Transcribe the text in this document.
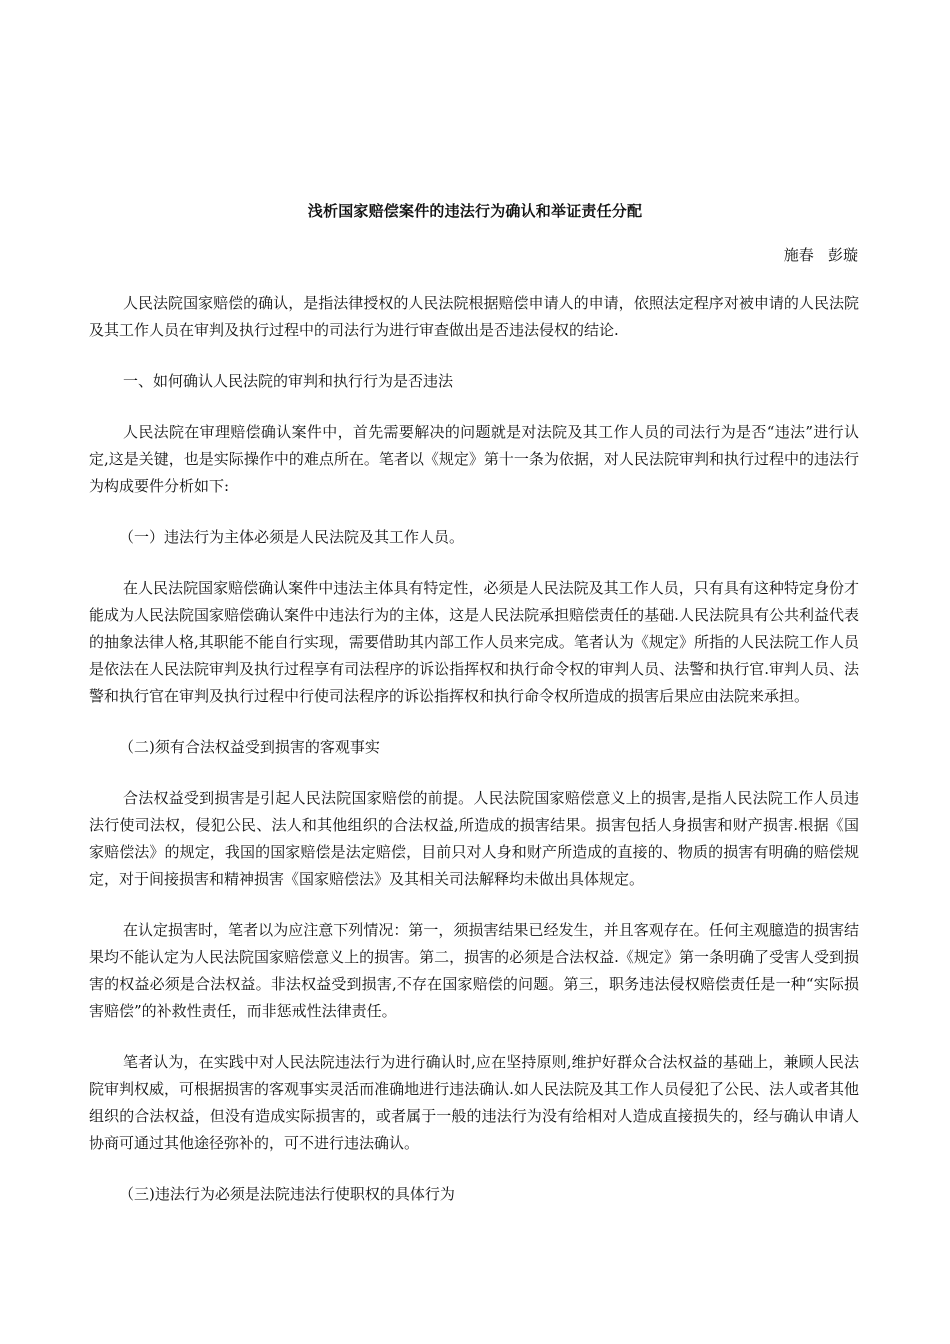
浅析国家赔偿案件的违法行为确认和举证责任分配
施春   彭璇

人民法院国家赔偿的确认，是指法律授权的人民法院根据赔偿申请人的申请，依照法定程序对被申请的人民法院及其工作人员在审判及执行过程中的司法行为进行审查做出是否违法侵权的结论.

一、如何确认人民法院的审判和执行行为是否违法

人民法院在审理赔偿确认案件中，首先需要解决的问题就是对法院及其工作人员的司法行为是否“违法”进行认定,这是关键，也是实际操作中的难点所在。笔者以《规定》第十一条为依据，对人民法院审判和执行过程中的违法行为构成要件分析如下:

（一）违法行为主体必须是人民法院及其工作人员。

在人民法院国家赔偿确认案件中违法主体具有特定性，必须是人民法院及其工作人员，只有具有这种特定身份才能成为人民法院国家赔偿确认案件中违法行为的主体，这是人民法院承担赔偿责任的基础.人民法院具有公共利益代表的抽象法律人格,其职能不能自行实现，需要借助其内部工作人员来完成。笔者认为《规定》所指的人民法院工作人员是依法在人民法院审判及执行过程享有司法程序的诉讼指挥权和执行命令权的审判人员、法警和执行官.审判人员、法警和执行官在审判及执行过程中行使司法程序的诉讼指挥权和执行命令权所造成的损害后果应由法院来承担。

（二)须有合法权益受到损害的客观事实

合法权益受到损害是引起人民法院国家赔偿的前提。人民法院国家赔偿意义上的损害,是指人民法院工作人员违法行使司法权，侵犯公民、法人和其他组织的合法权益,所造成的损害结果。损害包括人身损害和财产损害.根据《国家赔偿法》的规定，我国的国家赔偿是法定赔偿，目前只对人身和财产所造成的直接的、物质的损害有明确的赔偿规定，对于间接损害和精神损害《国家赔偿法》及其相关司法解释均未做出具体规定。

在认定损害时，笔者以为应注意下列情况：第一，须损害结果已经发生，并且客观存在。任何主观臆造的损害结果均不能认定为人民法院国家赔偿意义上的损害。第二，损害的必须是合法权益.《规定》第一条明确了受害人受到损害的权益必须是合法权益。非法权益受到损害,不存在国家赔偿的问题。第三，职务违法侵权赔偿责任是一种“实际损害赔偿”的补救性责任，而非惩戒性法律责任。

笔者认为，在实践中对人民法院违法行为进行确认时,应在坚持原则,维护好群众合法权益的基础上，兼顾人民法院审判权威，可根据损害的客观事实灵活而准确地进行违法确认.如人民法院及其工作人员侵犯了公民、法人或者其他组织的合法权益，但没有造成实际损害的，或者属于一般的违法行为没有给相对人造成直接损失的，经与确认申请人协商可通过其他途径弥补的，可不进行违法确认。

（三)违法行为必须是法院违法行使职权的具体行为
